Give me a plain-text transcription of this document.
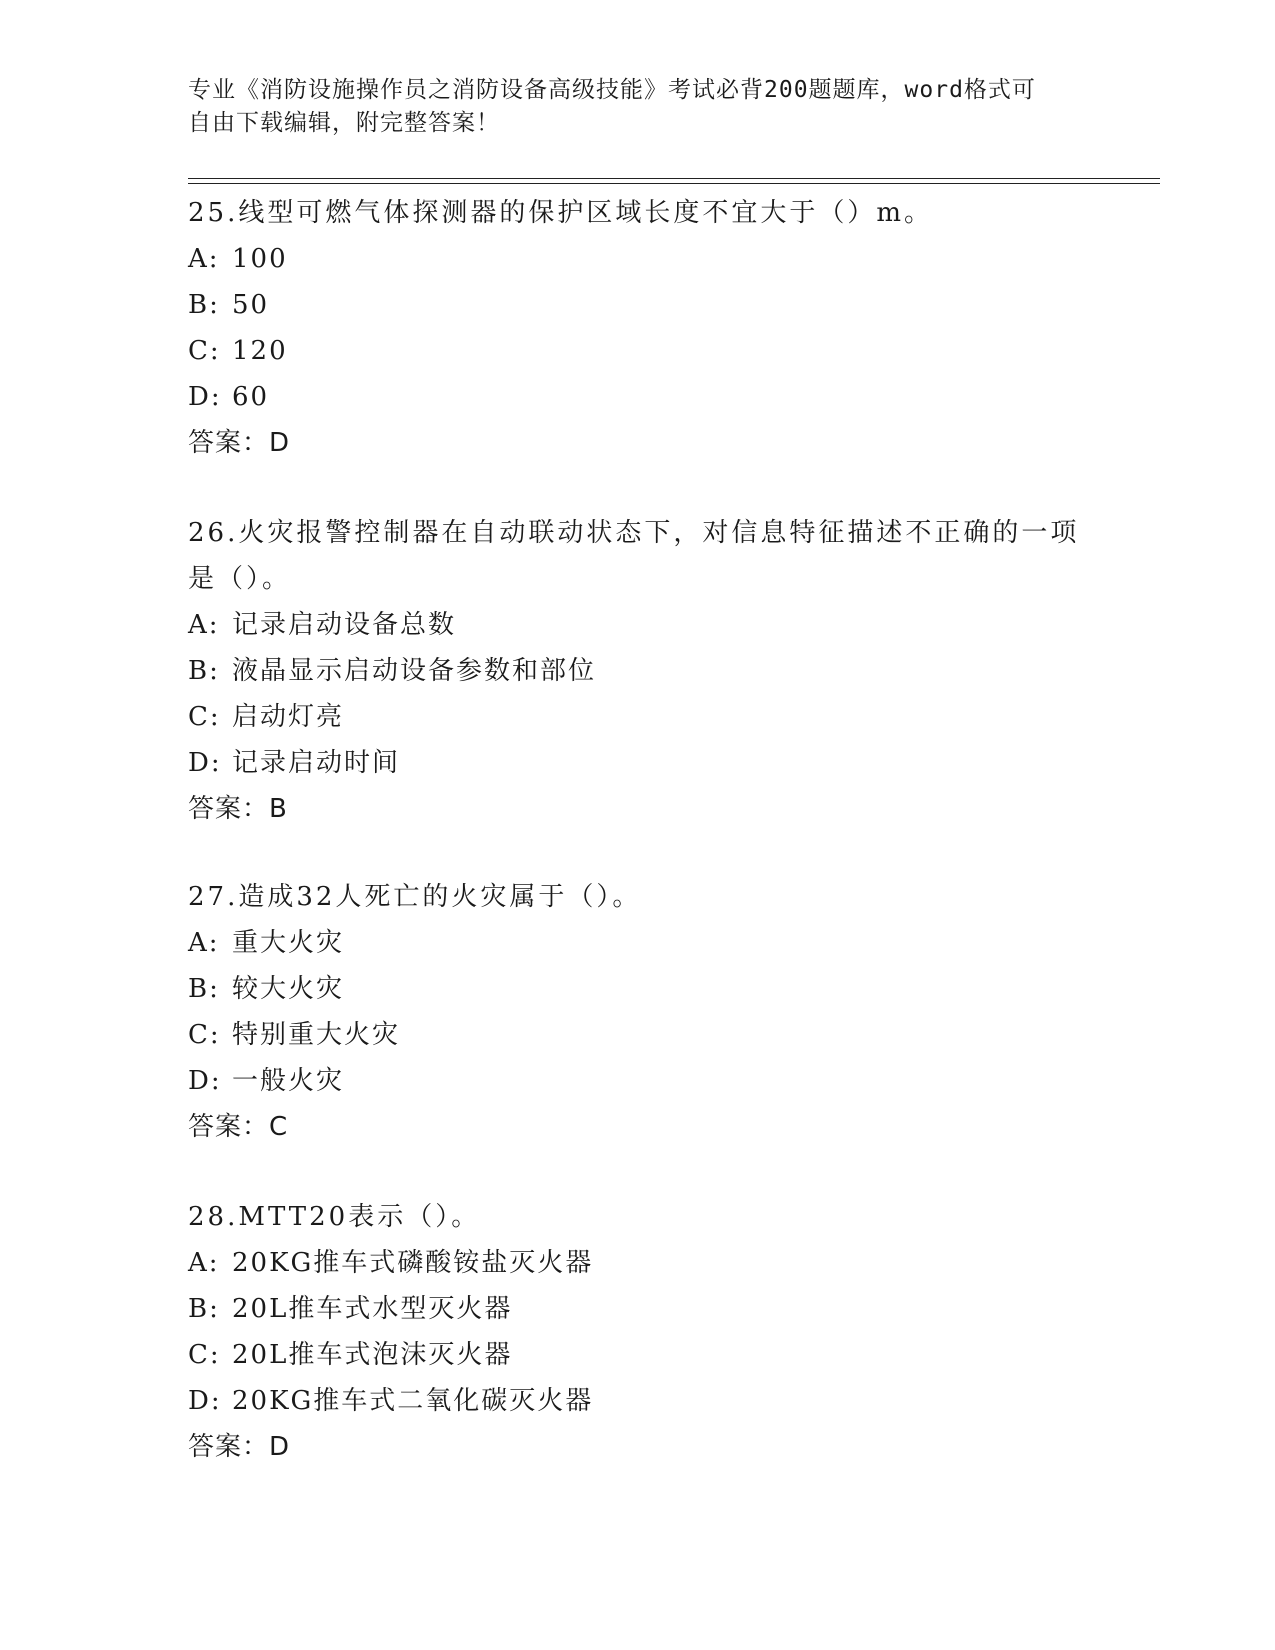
专业《消防设施操作员之消防设备高级技能》考试必背200题题库，word格式可
自由下载编辑，附完整答案！
25.线型可燃气体探测器的保护区域长度不宜大于（）m。
A: 100
B: 50
C: 120
D: 60
答案：D
26.火灾报警控制器在自动联动状态下，对信息特征描述不正确的一项是（）。
A: 记录启动设备总数
B: 液晶显示启动设备参数和部位
C: 启动灯亮
D: 记录启动时间
答案：B
27.造成32人死亡的火灾属于（）。
A: 重大火灾
B: 较大火灾
C: 特别重大火灾
D: 一般火灾
答案：C
28.MTT20表示（）。
A: 20KG推车式磷酸铵盐灭火器
B: 20L推车式水型灭火器
C: 20L推车式泡沫灭火器
D: 20KG推车式二氧化碳灭火器
答案：D
